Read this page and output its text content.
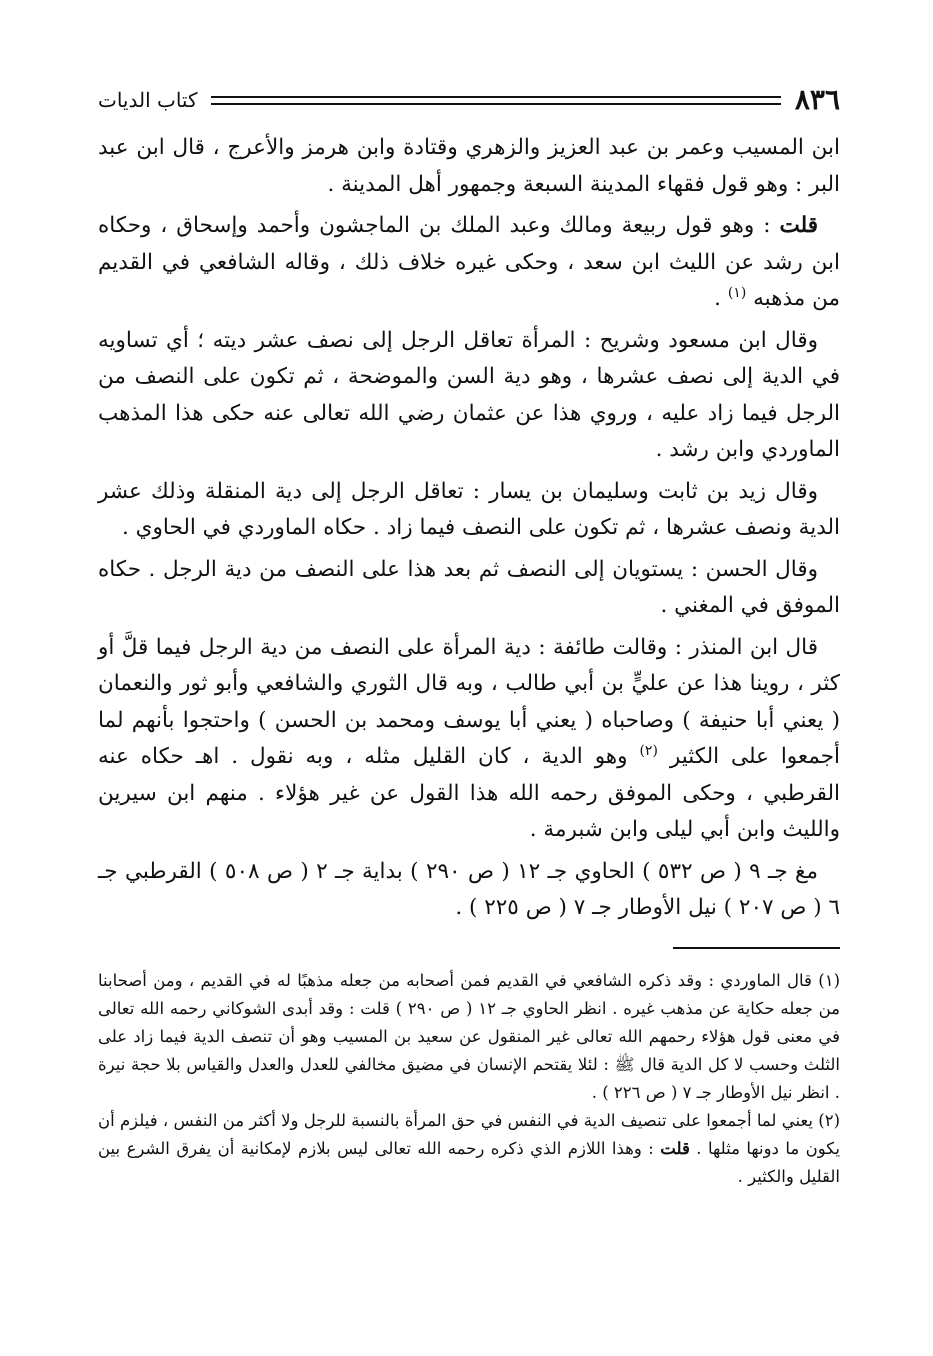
٨٣٦
كتاب الديات

ابن المسيب وعمر بن عبد العزيز والزهري وقتادة وابن هرمز والأعرج ، قال ابن عبد البر : وهو قول فقهاء المدينة السبعة وجمهور أهل المدينة .

قلت : وهو قول ربيعة ومالك وعبد الملك بن الماجشون وأحمد وإسحاق ، وحكاه ابن رشد عن الليث ابن سعد ، وحكى غيره خلاف ذلك ، وقاله الشافعي في القديم من مذهبه $^{(١)}$ .

وقال ابن مسعود وشريح : المرأة تعاقل الرجل إلى نصف عشر ديته ؛ أي تساويه في الدية إلى نصف عشرها ، وهو دية السن والموضحة ، ثم تكون على النصف من الرجل فيما زاد عليه ، وروي هذا عن عثمان رضي الله تعالى عنه حكى هذا المذهب الماوردي وابن رشد .

وقال زيد بن ثابت وسليمان بن يسار : تعاقل الرجل إلى دية المنقلة وذلك عشر الدية ونصف عشرها ، ثم تكون على النصف فيما زاد . حكاه الماوردي في الحاوي .

وقال الحسن : يستويان إلى النصف ثم بعد هذا على النصف من دية الرجل . حكاه الموفق في المغني .

قال ابن المنذر : وقالت طائفة : دية المرأة على النصف من دية الرجل فيما قلَّ أو كثر ، روينا هذا عن عليٍّ بن أبي طالب ، وبه قال الثوري والشافعي وأبو ثور والنعمان ( يعني أبا حنيفة ) وصاحباه ( يعني أبا يوسف ومحمد بن الحسن ) واحتجوا بأنهم لما أجمعوا على الكثير $^{(٢)}$ وهو الدية ، كان القليل مثله ، وبه نقول . اهـ حكاه عنه القرطبي ، وحكى الموفق رحمه الله هذا القول عن غير هؤلاء . منهم ابن سيرين والليث وابن أبي ليلى وابن شبرمة .

مغ جـ ٩ ( ص ٥٣٢ ) الحاوي جـ ١٢ ( ص ٢٩٠ ) بداية جـ ٢ ( ص ٥٠٨ ) القرطبي جـ ٦ ( ص ٢٠٧ ) نيل الأوطار جـ ٧ ( ص ٢٢٥ ) .

(١) قال الماوردي : وقد ذكره الشافعي في القديم فمن أصحابه من جعله مذهبًا له في القديم ، ومن أصحابنا من جعله حكاية عن مذهب غيره . انظر الحاوي جـ ١٢ ( ص ٢٩٠ ) قلت : وقد أبدى الشوكاني رحمه الله تعالى في معنى قول هؤلاء رحمهم الله تعالى غير المنقول عن سعيد بن المسيب وهو أن تنصف الدية فيما زاد على الثلث وحسب لا كل الدية قال ﷺ : لئلا يقتحم الإنسان في مضيق مخالفي للعدل والعدل والقياس بلا حجة نيرة . انظر نيل الأوطار جـ ٧ ( ص ٢٢٦ ) .

(٢) يعني لما أجمعوا على تنصيف الدية في النفس في حق المرأة بالنسبة للرجل ولا أكثر من النفس ، فيلزم أن يكون ما دونها مثلها . قلت : وهذا اللازم الذي ذكره رحمه الله تعالى ليس بلازم لإمكانية أن يفرق الشرع بين القليل والكثير .
